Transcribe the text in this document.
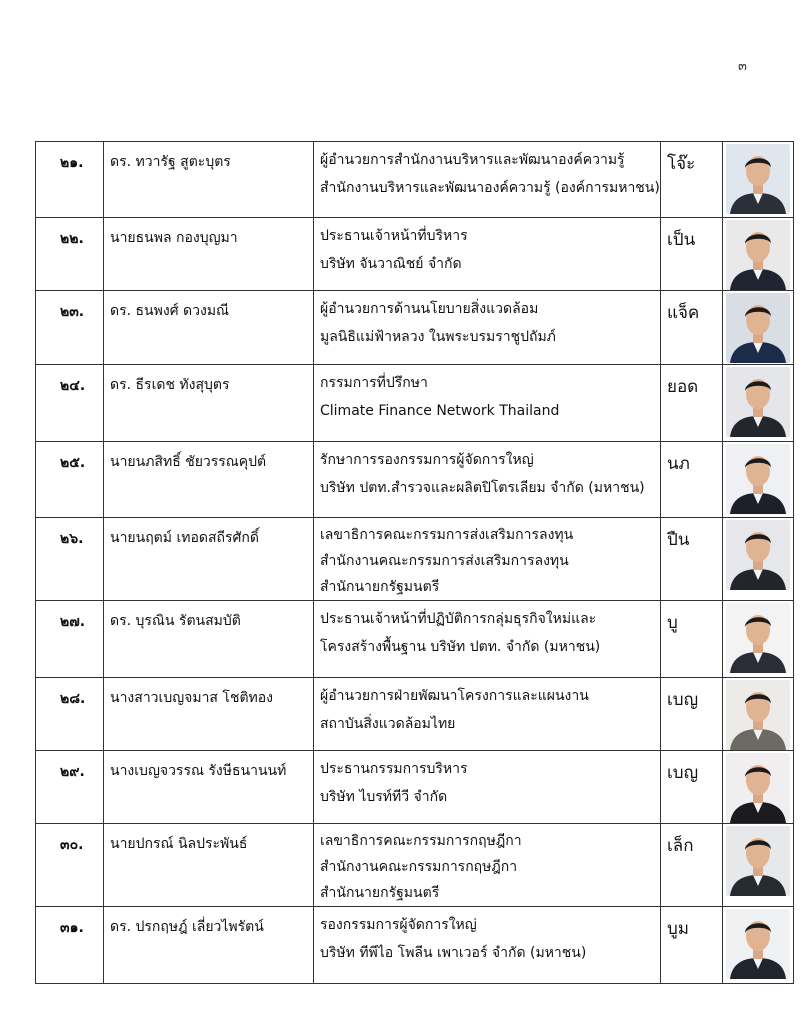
๓
๒๑.	ดร. ทวารัฐ สูตะบุตร	ผู้อำนวยการสำนักงานบริหารและพัฒนาองค์ความรู้
สำนักงานบริหารและพัฒนาองค์ความรู้ (องค์การมหาชน)	โจ๊ะ

๒๒.	นายธนพล กองบุญมา	ประธานเจ้าหน้าที่บริหาร
บริษัท จันวาณิชย์ จำกัด	เป็น

๒๓.	ดร. ธนพงศ์ ดวงมณี	ผู้อำนวยการด้านนโยบายสิ่งแวดล้อม
มูลนิธิแม่ฟ้าหลวง ในพระบรมราชูปถัมภ์	แจ็ค

๒๔.	ดร. ธีรเดช ทังสุบุตร	กรรมการที่ปรึกษา
Climate Finance Network Thailand	ยอด

๒๕.	นายนภสิทธิ์ ชัยวรรณคุปต์	รักษาการรองกรรมการผู้จัดการใหญ่
บริษัท ปตท.สำรวจและผลิตปิโตรเลียม จำกัด (มหาชน)	นภ

๒๖.	นายนฤตม์ เทอดสถีรศักดิ์	เลขาธิการคณะกรรมการส่งเสริมการลงทุน
สำนักงานคณะกรรมการส่งเสริมการลงทุน
สำนักนายกรัฐมนตรี	ปืน

๒๗.	ดร. บุรณิน รัตนสมบัติ	ประธานเจ้าหน้าที่ปฏิบัติการกลุ่มธุรกิจใหม่และ
โครงสร้างพื้นฐาน บริษัท ปตท. จำกัด (มหาชน)	บู

๒๘.	นางสาวเบญจมาส โชติทอง	ผู้อำนวยการฝ่ายพัฒนาโครงการและแผนงาน
สถาบันสิ่งแวดล้อมไทย	เบญ

๒๙.	นางเบญจวรรณ รังษีธนานนท์	ประธานกรรมการบริหาร
บริษัท ไบรท์ทีวี จำกัด	เบญ

๓๐.	นายปกรณ์ นิลประพันธ์	เลขาธิการคณะกรรมการกฤษฎีกา
สำนักงานคณะกรรมการกฤษฎีกา
สำนักนายกรัฐมนตรี	เล็ก

๓๑.	ดร. ปรกฤษฎ์ เลี่ยวไพรัตน์	รองกรรมการผู้จัดการใหญ่
บริษัท ทีพีไอ โพลีน เพาเวอร์ จำกัด (มหาชน)	บูม
